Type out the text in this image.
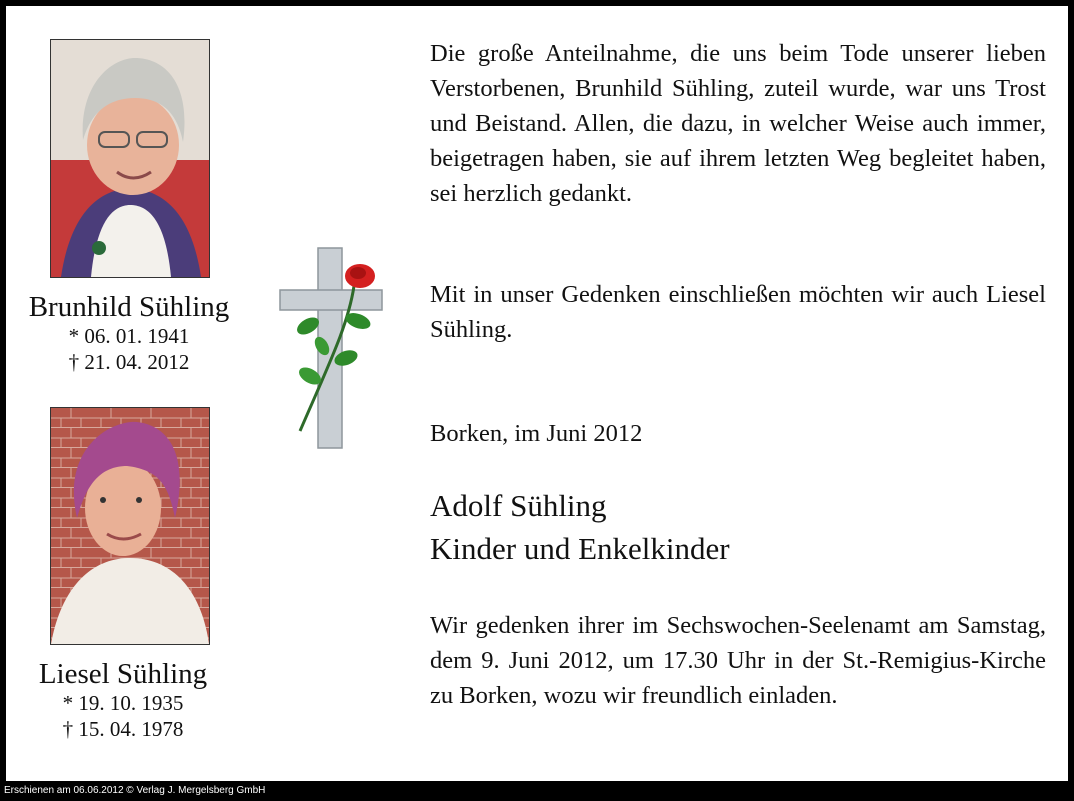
Brunhild Sühling
* 06. 01. 1941
† 21. 04. 2012
Liesel Sühling
* 19. 10. 1935
† 15. 04. 1978
Die große Anteilnahme, die uns beim Tode unserer lieben Verstorbenen, Brunhild Sühling, zuteil wurde, war uns Trost und Beistand. Allen, die dazu, in welcher Weise auch immer, beigetragen haben, sie auf ihrem letzten Weg begleitet haben, sei herzlich gedankt.
Mit in unser Gedenken einschließen möchten wir auch Liesel Sühling.
Borken, im Juni 2012
Adolf Sühling
Kinder und Enkelkinder
Wir gedenken ihrer im Sechswochen-Seelenamt am Samstag, dem 9. Juni 2012, um 17.30 Uhr in der St.-Remigius-Kirche zu Borken, wozu wir freundlich einladen.
Erschienen am 06.06.2012 © Verlag J. Mergelsberg GmbH
